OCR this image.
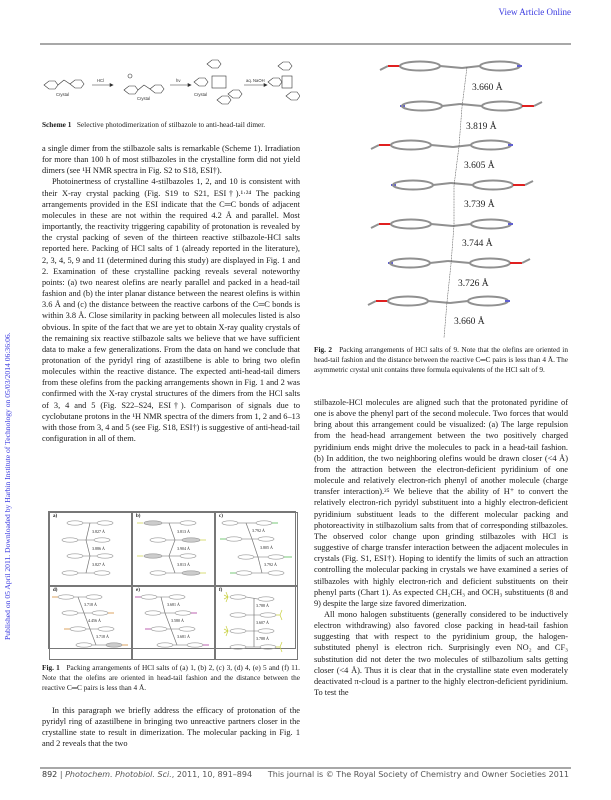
View Article Online
Published on 05 April 2011. Downloaded by Harbin Institute of Technology on 05/03/2014 06:36:06.
HCl	hν	aq. NaOH
Crystal
Crystal
Crystal
Scheme 1 Selective photodimerization of stilbazole to anti-head-tail dimer.

a single dimer from the stilbazole salts is remarkable (Scheme 1). Irradiation for more than 100 h of most stilbazoles in the crystalline form did not yield dimers (see ¹H NMR spectra in Fig. S2 to S18, ESI†).

Photoinertness of crystalline 4-stilbazoles 1, 2, and 10 is consistent with their X-ray crystal packing (Fig. S19 to S21, ESI†).¹·²⁴ The packing arrangements provided in the ESI indicate that the C═C bonds of adjacent molecules in these are not within the required 4.2 Å and parallel. Most importantly, the reactivity triggering capability of protonation is revealed by the crystal packing of seven of the thirteen reactive stilbazole-HCl salts reported here. Packing of HCl salts of 1 (already reported in the literature), 2, 3, 4, 5, 9 and 11 (determined during this study) are displayed in Fig. 1 and 2. Examination of these crystalline packing reveals several noteworthy points: (a) two nearest olefins are nearly parallel and packed in a head-tail fashion and (b) the inter planar distance between the nearest olefins is within 3.6 Å and (c) the distance between the reactive carbons of the C═C bonds is within 3.8 Å. Close similarity in packing between all molecules listed is also obvious. In spite of the fact that we are yet to obtain X-ray quality crystals of the remaining six reactive stilbazole salts we believe that we have sufficient data to make a few generalizations. From the data on hand we conclude that protonation of the pyridyl ring of azastilbene is able to bring two olefin molecules within the reactive distance. The expected anti-head-tail dimers from these olefins from the packing arrangements shown in Fig. 1 and 2 was confirmed with the X-ray crystal structures of the dimers from the HCl salts of 3, 4 and 5 (Fig. S22–S24, ESI†). Comparison of signals due to cyclobutane protons in the ¹H NMR spectra of the dimers from 1, 2 and 6–13 with those from 3, 4 and 5 (see Fig. S18, ESI†) is suggestive of anti-head-tail configuration in all of them.

a)
3.827 Å
3.886 Å
3.827 Å
b)
3.813 Å
3.904 Å
3.813 Å
c)
3.792 Å
3.805 Å
3.792 Å
d)
3.718 Å
4.456 Å
3.718 Å
e)
3.681 Å
3.580 Å
3.681 Å
f)
3.788 Å
3.607 Å
3.788 Å
Fig. 1 Packing arrangements of HCl salts of (a) 1, (b) 2, (c) 3, (d) 4, (e) 5 and (f) 11. Note that the olefins are oriented in head-tail fashion and the distance between the reactive C═C pairs is less than 4 Å.

In this paragraph we briefly address the efficacy of protonation of the pyridyl ring of azastilbene in bringing two unreactive partners closer in the crystalline state to result in dimerization. The molecular packing in Fig. 1 and 2 reveals that the two

3.660 Å
3.819 Å
3.605 Å
3.739 Å
3.744 Å
3.726 Å
3.660 Å
Fig. 2 Packing arrangements of HCl salts of 9. Note that the olefins are oriented in head-tail fashion and the distance between the reactive C═C pairs is less than 4 Å. The asymmetric crystal unit contains three formula equivalents of the HCl salt of 9.

stilbazole-HCl molecules are aligned such that the protonated pyridine of one is above the phenyl part of the second molecule. Two forces that would bring about this arrangement could be visualized: (a) The large repulsion from the head-head arrangement between the two positively charged pyridinium ends might drive the molecules to pack in a head-tail fashion. (b) In addition, the two neighboring olefins would be drawn closer (<4 Å) from the attraction between the electron-deficient pyridinium of one molecule and relatively electron-rich phenyl of another molecule (charge transfer interaction).²⁵ We believe that the ability of H⁺ to convert the relatively electron-rich pyridyl substituent into a highly electron-deficient pyridinium substituent leads to the different molecular packing and photoreactivity in stilbazolium salts from that of corresponding stilbazoles. The observed color change upon grinding stilbazoles with HCl is suggestive of charge transfer interaction between the adjacent molecules in crystals (Fig. S1, ESI†). Hoping to identify the limits of such an attraction controlling the molecular packing in crystals we have examined a series of stilbazoles with highly electron-rich and deficient substituents on their phenyl parts (Chart 1). As expected CH₂CH₃ and OCH₃ substituents (8 and 9) despite the large size favored dimerization.

All mono halogen substituents (generally considered to be inductively electron withdrawing) also favored close packing in head-tail fashion suggesting that with respect to the pyridinium group, the halogen-substituted phenyl is electron rich. Surprisingly even NO₂ and CF₃ substitution did not deter the two molecules of stilbazolium salts getting closer (<4 Å). Thus it is clear that in the crystalline state even moderately deactivated π-cloud is a partner to the highly electron-deficient pyridinium. To test the

892 | Photochem. Photobiol. Sci., 2011, 10, 891–894 This journal is © The Royal Society of Chemistry and Owner Societies 2011
